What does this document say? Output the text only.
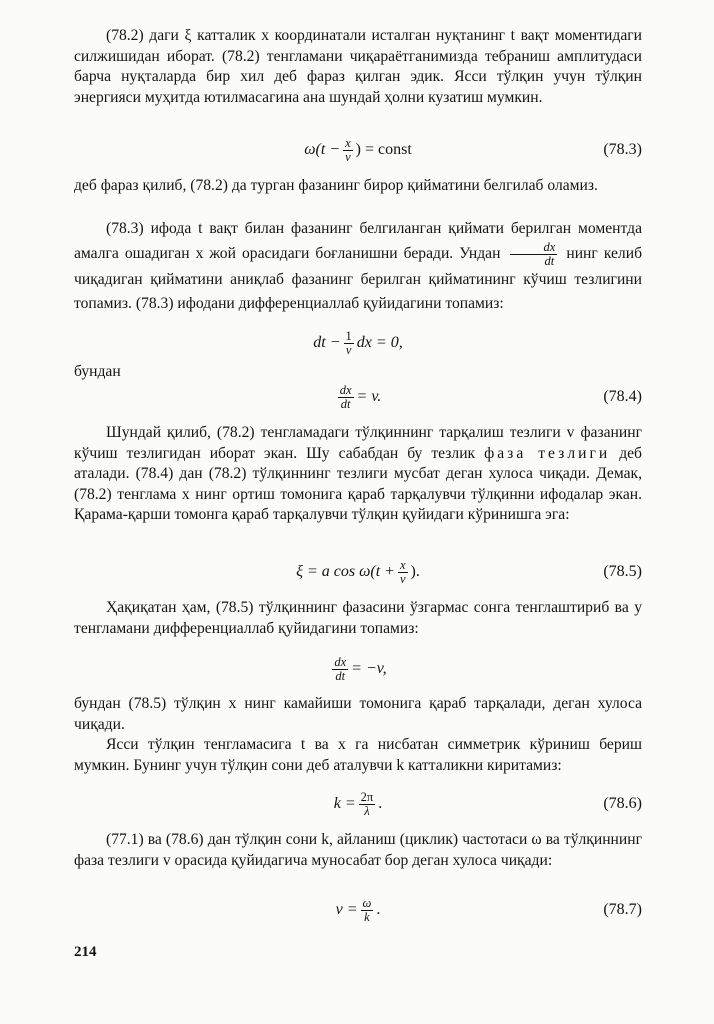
(78.2) даги ξ катталик x координатали исталган нуқтанинг t вақт моментидаги силжишидан иборат. (78.2) тенгламани чиқараётганимизда тебраниш амплитудаси барча нуқталарда бир хил деб фараз қилган эдик. Ясси тўлқин учун тўлқин энергияси муҳитда ютилмасагина ана шундай ҳолни кузатиш мумкин.

$\omega(t - \frac{x}{v}$ ) = const	(78.3)

деб фараз қилиб, (78.2) да турган фазанинг бирор қийматини белгилаб оламиз.

(78.3) ифода t вақт билан фазанинг белгиланган қиймати берилган моментда амалга ошадиган x жой орасидаги боғланишни беради. Ундан $\frac{dx}{dt}$ нинг келиб чиқадиган қийматини аниқлаб фазанинг берилган қийматининг кўчиш тезлигини топамиз. (78.3) ифодани дифференциаллаб қуйидагини топамиз:

dt − $\frac{1}{v}$ dx = 0,

бундан

$\frac{dx}{dt} = v$.	(78.4)

Шундай қилиб, (78.2) тенгламадаги тўлқиннинг тарқалиш тезлиги v фазанинг кўчиш тезлигидан иборат экан. Шу сабабдан бу тезлик фаза тезлиги деб аталади. (78.4) дан (78.2) тўлқиннинг тезлиги мусбат деган хулоса чиқади. Демак, (78.2) тенглама x нинг ортиш томонига қараб тарқалувчи тўлқинни ифодалар экан. Қарама-қарши томонга қараб тарқалувчи тўлқин қуйидаги кўринишга эга:

ξ = a $\cos \omega(t + \frac{x}{v}$ ).	(78.5)

Ҳақиқатан ҳам, (78.5) тўлқиннинг фазасини ўзгармас сонга тенглаштириб ва у тенгламани дифференциаллаб қуйидагини топамиз:

$\frac{dx}{dt} = -v$,

бундан (78.5) тўлқин x нинг камайиши томонига қараб тарқалади, деган хулоса чиқади.

Ясси тўлқин тенгламасига t ва x га нисбатан симметрик кўриниш бериш мумкин. Бунинг учун тўлқин сони деб аталувчи k катталикни киритамиз:

$k = \frac{2\pi}{\lambda}$ .	(78.6)

(77.1) ва (78.6) дан тўлқин сони k, айланиш (циклик) частотаси ω ва тўлқиннинг фаза тезлиги v орасида қуйидагича муносабат бор деган хулоса чиқади:

$v = \frac{\omega}{k}$ .	(78.7)
214
